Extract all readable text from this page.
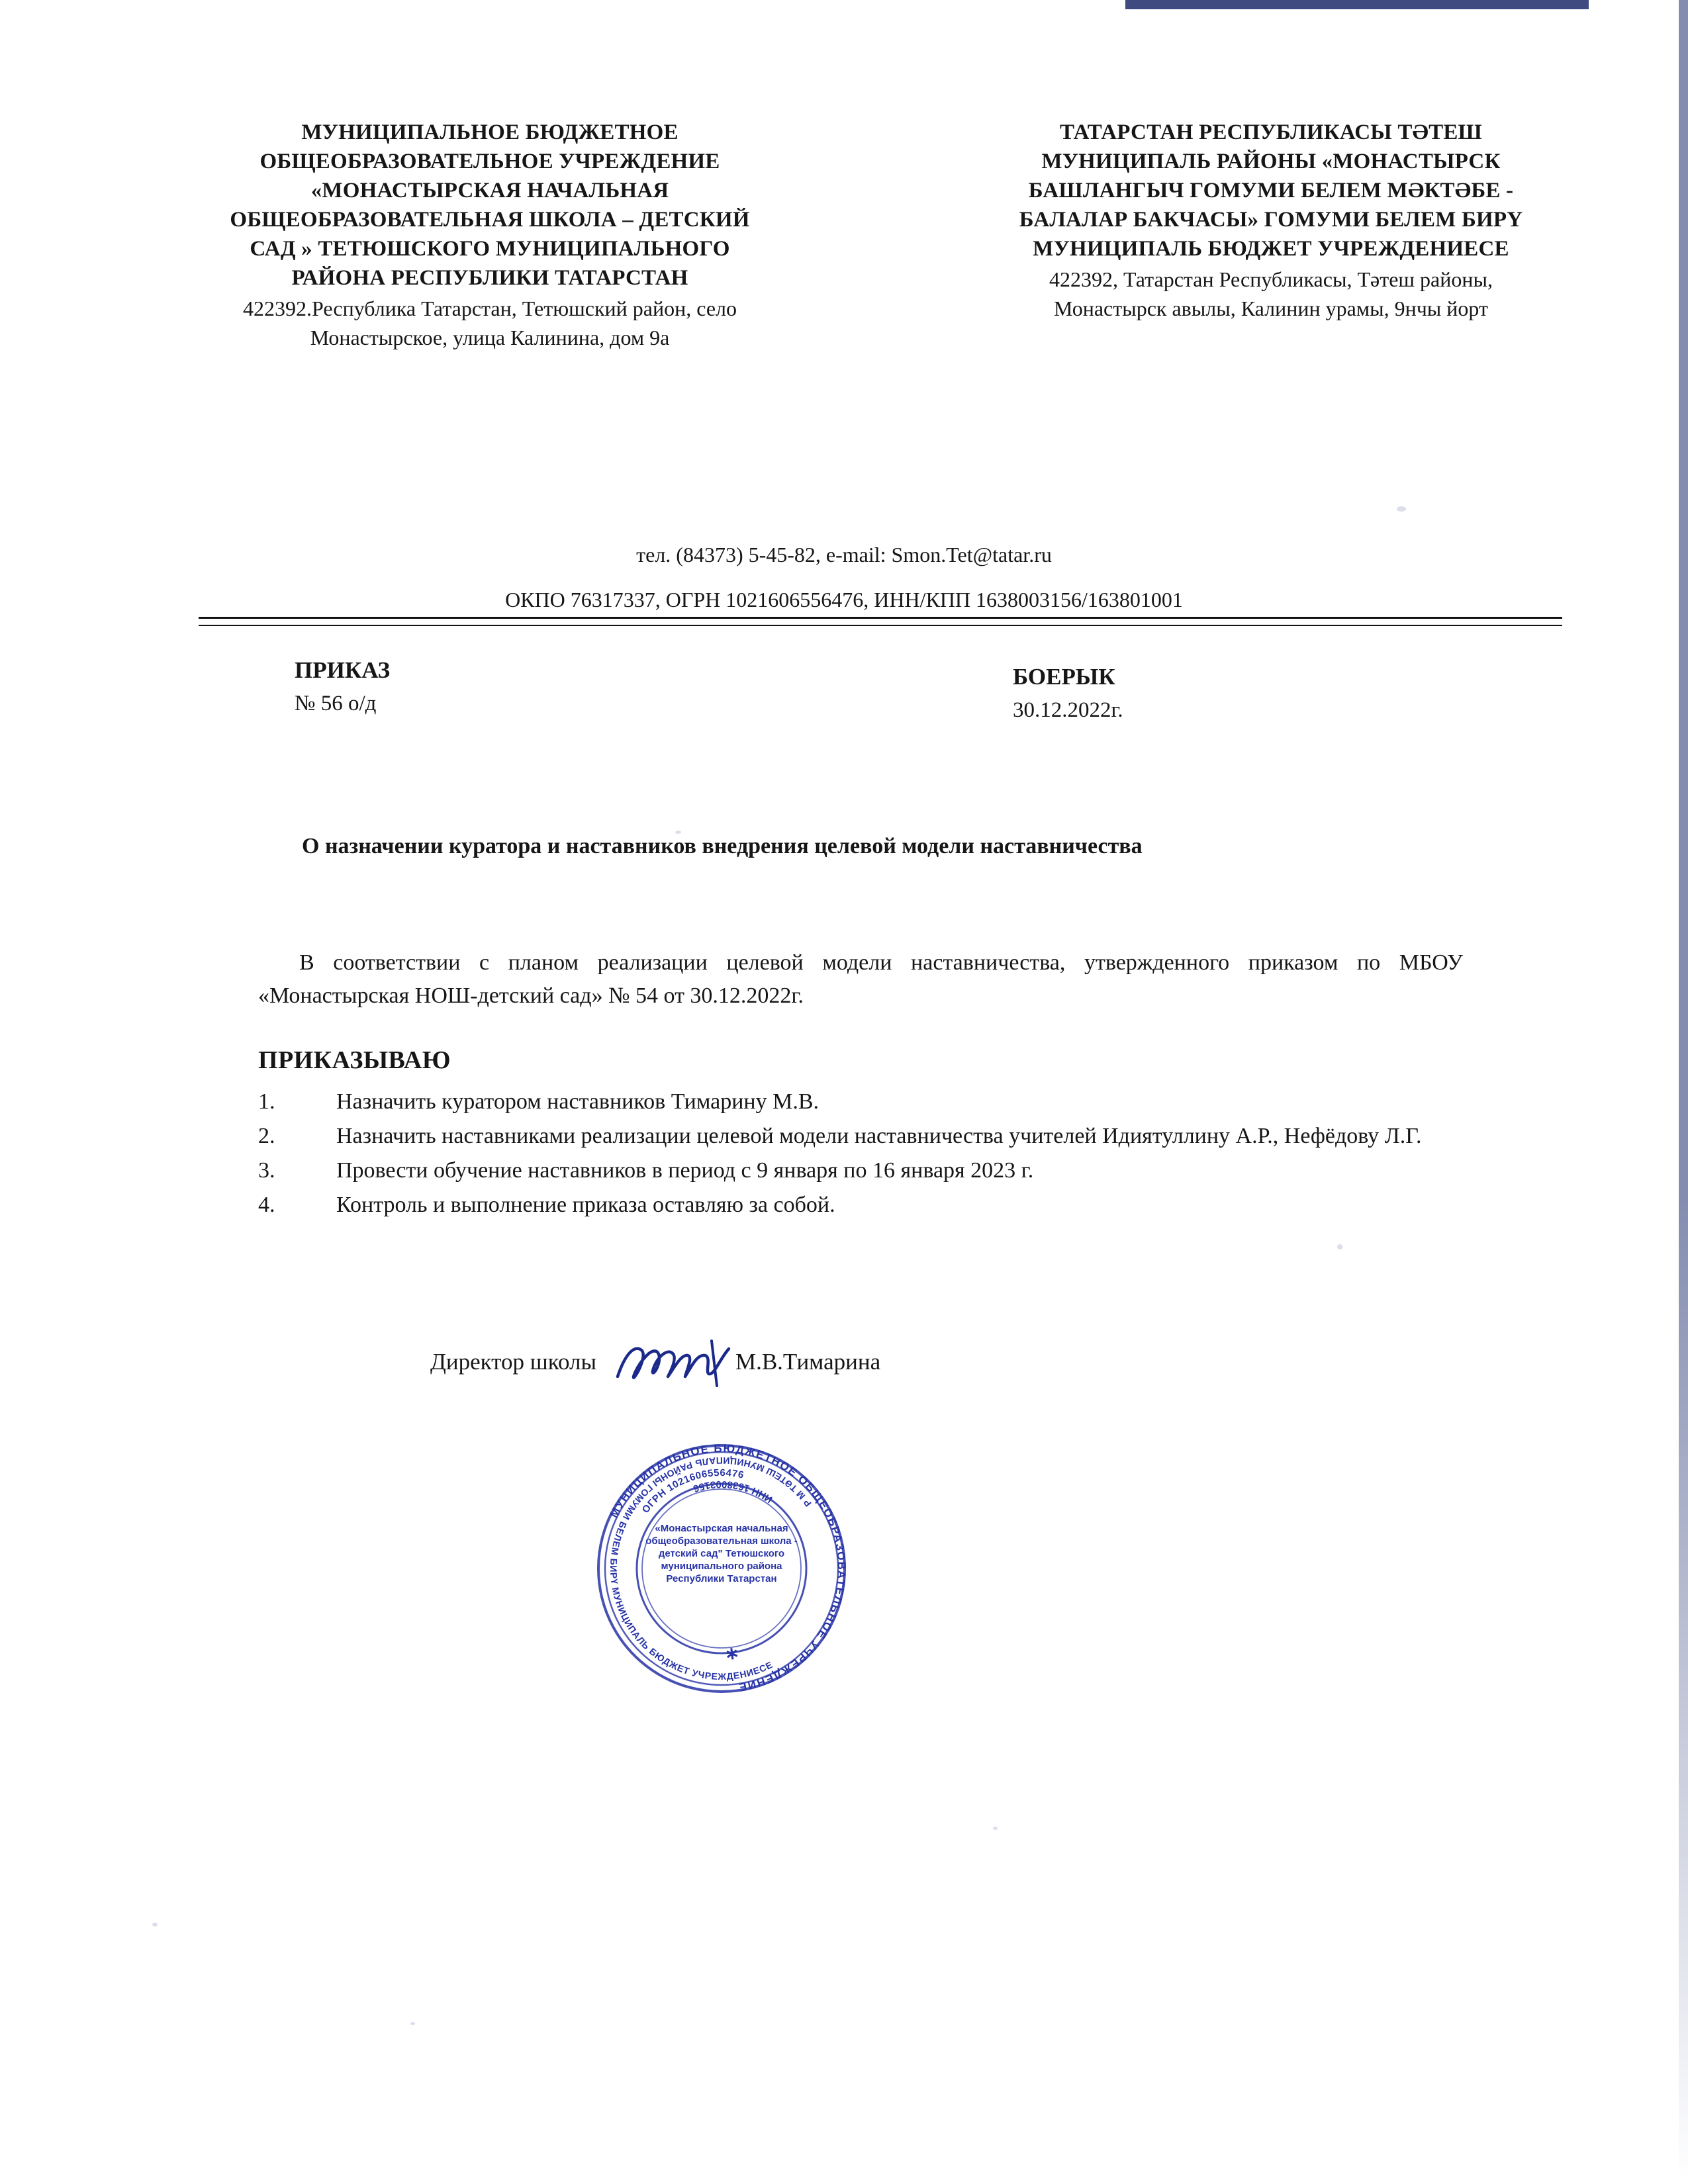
МУНИЦИПАЛЬНОЕ БЮДЖЕТНОЕ ОБЩЕОБРАЗОВАТЕЛЬНОЕ УЧРЕЖДЕНИЕ «МОНАСТЫРСКАЯ НАЧАЛЬНАЯ ОБЩЕОБРАЗОВАТЕЛЬНАЯ ШКОЛА – ДЕТСКИЙ САД » ТЕТЮШСКОГО МУНИЦИПАЛЬНОГО РАЙОНА РЕСПУБЛИКИ ТАТАРСТАН
422392.Республика Татарстан, Тетюшский район, село Монастырское, улица Калинина, дом 9а
ТАТАРСТАН РЕСПУБЛИКАСЫ ТӘТЕШ МУНИЦИПАЛЬ РАЙОНЫ «МОНАСТЫРСК БАШЛАНГЫЧ ГОМУМИ БЕЛЕМ МӘКТӘБЕ - БАЛАЛАР БАКЧАСЫ» ГОМУМИ БЕЛЕМ БИРҮ МУНИЦИПАЛЬ БЮДЖЕТ УЧРЕЖДЕНИЕСЕ
422392, Татарстан Республикасы, Тәтеш районы, Монастырск авылы, Калинин урамы, 9нчы йорт
тел. (84373) 5-45-82, e-mail: Smon.Tet@tatar.ru
ОКПО 76317337, ОГРН 1021606556476, ИНН/КПП 1638003156/163801001
ПРИКАЗ
№ 56 о/д
БОЕРЫК
30.12.2022г.
О назначении куратора и наставников внедрения целевой модели наставничества
В соответствии с планом реализации целевой модели наставничества, утвержденного приказом по МБОУ «Монастырская НОШ-детский сад» № 54 от 30.12.2022г.
ПРИКАЗЫВАЮ
1.	Назначить куратором наставников Тимарину М.В.
2.	Назначить наставниками реализации целевой модели наставничества учителей Идиятуллину А.Р., Нефёдову Л.Г.
3.	Провести обучение наставников в период с 9 января по 16 января 2023 г.
4.	Контроль и выполнение приказа оставляю за собой.
Директор школы	М.В.Тимарина
МУНИЦИПАЛЬНОЕ БЮДЖЕТНОЕ ОБЩЕОБРАЗОВАТЕЛЬНОЕ УЧРЕЖДЕНИЕ
Р М ТӘТЕШ МУНИЦИПАЛЬ РАЙОНЫ ГОМУМИ БЕЛЕМ БИРҮ МУНИЦИПАЛЬ БЮДЖЕТ УЧРЕЖДЕНИЕСЕ
ОГРН 1021606556476
ИНН 1638003156
∗
«Монастырская начальная общеобразовательная школа - детский сад" Тетюшского муниципального района Республики Татарстан
